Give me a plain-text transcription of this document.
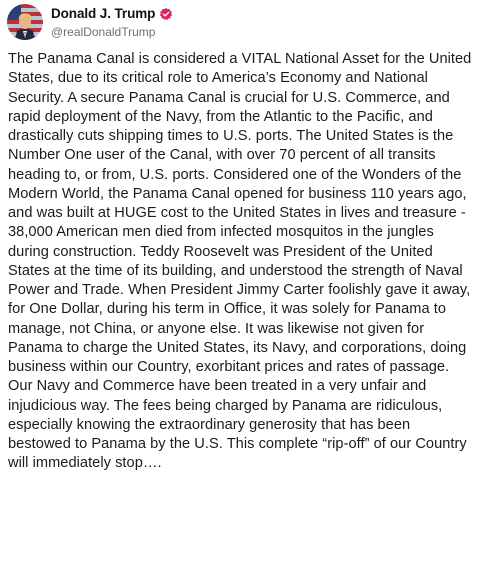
Donald J. Trump
@realDonaldTrump

The Panama Canal is considered a VITAL National Asset for the United States, due to its critical role to America’s Economy and National Security. A secure Panama Canal is crucial for U.S. Commerce, and rapid deployment of the Navy, from the Atlantic to the Pacific, and drastically cuts shipping times to U.S. ports. The United States is the Number One user of the Canal, with over 70 percent of all transits heading to, or from, U.S. ports. Considered one of the Wonders of the Modern World, the Panama Canal opened for business 110 years ago, and was built at HUGE cost to the United States in lives and treasure - 38,000 American men died from infected mosquitos in the jungles during construction. Teddy Roosevelt was President of the United States at the time of its building, and understood the strength of Naval Power and Trade. When President Jimmy Carter foolishly gave it away, for One Dollar, during his term in Office, it was solely for Panama to manage, not China, or anyone else. It was likewise not given for Panama to charge the United States, its Navy, and corporations, doing business within our Country, exorbitant prices and rates of passage. Our Navy and Commerce have been treated in a very unfair and injudicious way. The fees being charged by Panama are ridiculous, especially knowing the extraordinary generosity that has been bestowed to Panama by the U.S. This complete “rip-off” of our Country will immediately stop….
